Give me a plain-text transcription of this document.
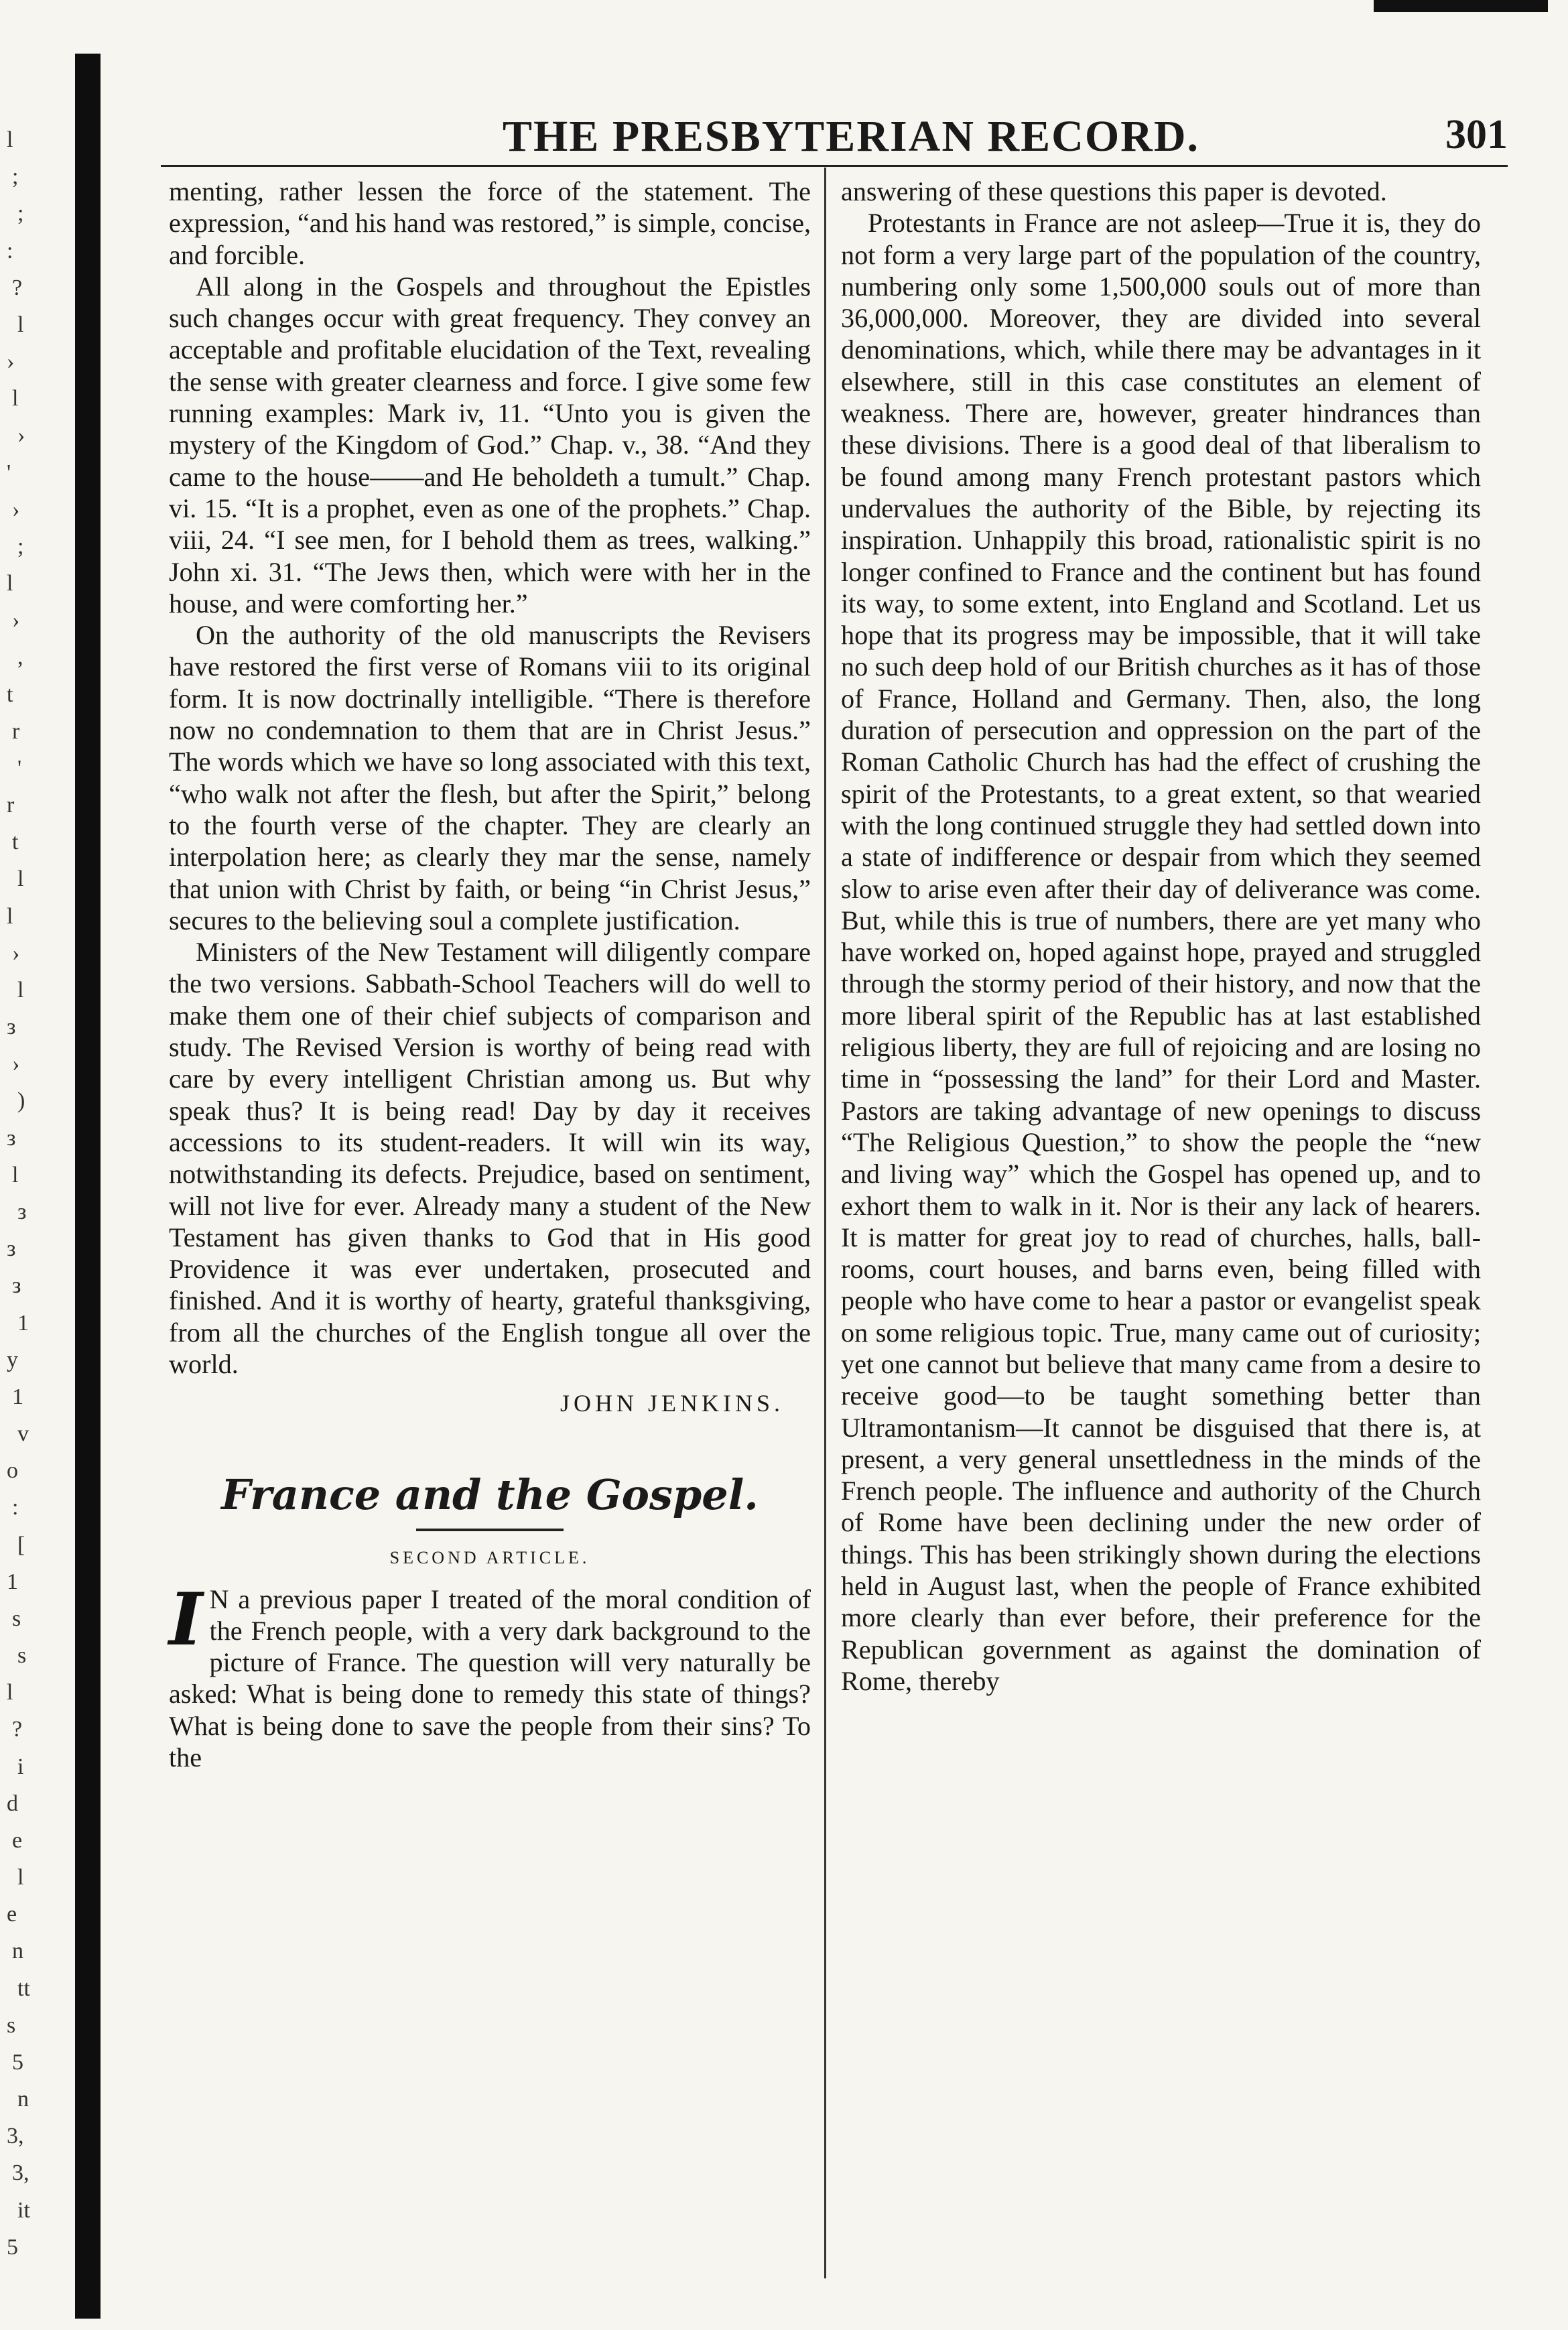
l
;
;
:
?
l
›
l
›
'
›
;
l
›
,
t
r
'
r
t
l
l
›
l
з
›
)
з
l
з
з
з
1
y
1
v
o
:
[
1
s
s
l
?
i
d
e
l
e
n
tt
s
5
n
3,
3,
it
5
THE PRESBYTERIAN RECORD.	301

menting, rather lessen the force of the statement. The expression, “and his hand was restored,” is simple, concise, and forcible.

All along in the Gospels and throughout the Epistles such changes occur with great frequency. They convey an acceptable and profitable elucidation of the Text, revealing the sense with greater clearness and force. I give some few running examples: Mark iv, 11. “Unto you is given the mystery of the Kingdom of God.” Chap. v., 38. “And they came to the house——and He beholdeth a tumult.” Chap. vi. 15. “It is a prophet, even as one of the prophets.” Chap. viii, 24. “I see men, for I behold them as trees, walking.” John xi. 31. “The Jews then, which were with her in the house, and were comforting her.”

On the authority of the old manuscripts the Revisers have restored the first verse of Romans viii to its original form. It is now doctrinally intelligible. “There is therefore now no condemnation to them that are in Christ Jesus.” The words which we have so long associated with this text, “who walk not after the flesh, but after the Spirit,” belong to the fourth verse of the chapter. They are clearly an interpolation here; as clearly they mar the sense, namely that union with Christ by faith, or being “in Christ Jesus,” secures to the believing soul a complete justification.

Ministers of the New Testament will diligently compare the two versions. Sabbath-School Teachers will do well to make them one of their chief subjects of comparison and study. The Revised Version is worthy of being read with care by every intelligent Christian among us. But why speak thus? It is being read! Day by day it receives accessions to its student-readers. It will win its way, notwithstanding its defects. Prejudice, based on sentiment, will not live for ever. Already many a student of the New Testament has given thanks to God that in His good Providence it was ever undertaken, prosecuted and finished. And it is worthy of hearty, grateful thanksgiving, from all the churches of the English tongue all over the world.

JOHN JENKINS.

France and the Gospel.
SECOND ARTICLE.

I N a previous paper I treated of the moral condition of the French people, with a very dark background to the picture of France. The question will very naturally be asked: What is being done to remedy this state of things? What is being done to save the people from their sins? To the

answering of these questions this paper is devoted.

Protestants in France are not asleep—True it is, they do not form a very large part of the population of the country, numbering only some 1,500,000 souls out of more than 36,000,000. Moreover, they are divided into several denominations, which, while there may be advantages in it elsewhere, still in this case constitutes an element of weakness. There are, however, greater hindrances than these divisions. There is a good deal of that liberalism to be found among many French protestant pastors which undervalues the authority of the Bible, by rejecting its inspiration. Unhappily this broad, rationalistic spirit is no longer confined to France and the continent but has found its way, to some extent, into England and Scotland. Let us hope that its progress may be impossible, that it will take no such deep hold of our British churches as it has of those of France, Holland and Germany. Then, also, the long duration of persecution and oppression on the part of the Roman Catholic Church has had the effect of crushing the spirit of the Protestants, to a great extent, so that wearied with the long continued struggle they had settled down into a state of indifference or despair from which they seemed slow to arise even after their day of deliverance was come. But, while this is true of numbers, there are yet many who have worked on, hoped against hope, prayed and struggled through the stormy period of their history, and now that the more liberal spirit of the Republic has at last established religious liberty, they are full of rejoicing and are losing no time in “possessing the land” for their Lord and Master. Pastors are taking advantage of new openings to discuss “The Religious Question,” to show the people the “new and living way” which the Gospel has opened up, and to exhort them to walk in it. Nor is their any lack of hearers. It is matter for great joy to read of churches, halls, ball-rooms, court houses, and barns even, being filled with people who have come to hear a pastor or evangelist speak on some religious topic. True, many came out of curiosity; yet one cannot but believe that many came from a desire to receive good—to be taught something better than Ultramontanism—It cannot be disguised that there is, at present, a very general unsettledness in the minds of the French people. The influence and authority of the Church of Rome have been declining under the new order of things. This has been strikingly shown during the elections held in August last, when the people of France exhibited more clearly than ever before, their preference for the Republican government as against the domination of Rome, thereby
